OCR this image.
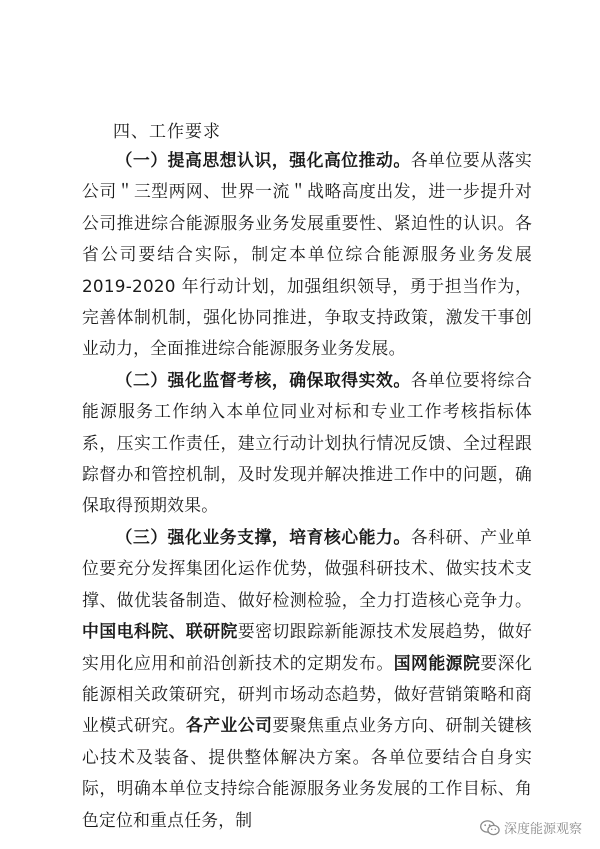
四、工作要求

（一）提高思想认识，强化高位推动。各单位要从落实公司＂三型两网、世界一流＂战略高度出发，进一步提升对公司推进综合能源服务业务发展重要性、紧迫性的认识。各省公司要结合实际，制定本单位综合能源服务业务发展 2019-2020 年行动计划，加强组织领导，勇于担当作为，完善体制机制，强化协同推进，争取支持政策，激发干事创业动力，全面推进综合能源服务业务发展。

（二）强化监督考核，确保取得实效。各单位要将综合能源服务工作纳入本单位同业对标和专业工作考核指标体系，压实工作责任，建立行动计划执行情况反馈、全过程跟踪督办和管控机制，及时发现并解决推进工作中的问题，确保取得预期效果。

（三）强化业务支撑，培育核心能力。各科研、产业单位要充分发挥集团化运作优势，做强科研技术、做实技术支撑、做优装备制造、做好检测检验，全力打造核心竞争力。中国电科院、联研院要密切跟踪新能源技术发展趋势，做好实用化应用和前沿创新技术的定期发布。国网能源院要深化能源相关政策研究，研判市场动态趋势，做好营销策略和商业模式研究。各产业公司要聚焦重点业务方向、研制关键核心技术及装备、提供整体解决方案。各单位要结合自身实际，明确本单位支持综合能源服务业务发展的工作目标、角色定位和重点任务，制	深度能源观察
